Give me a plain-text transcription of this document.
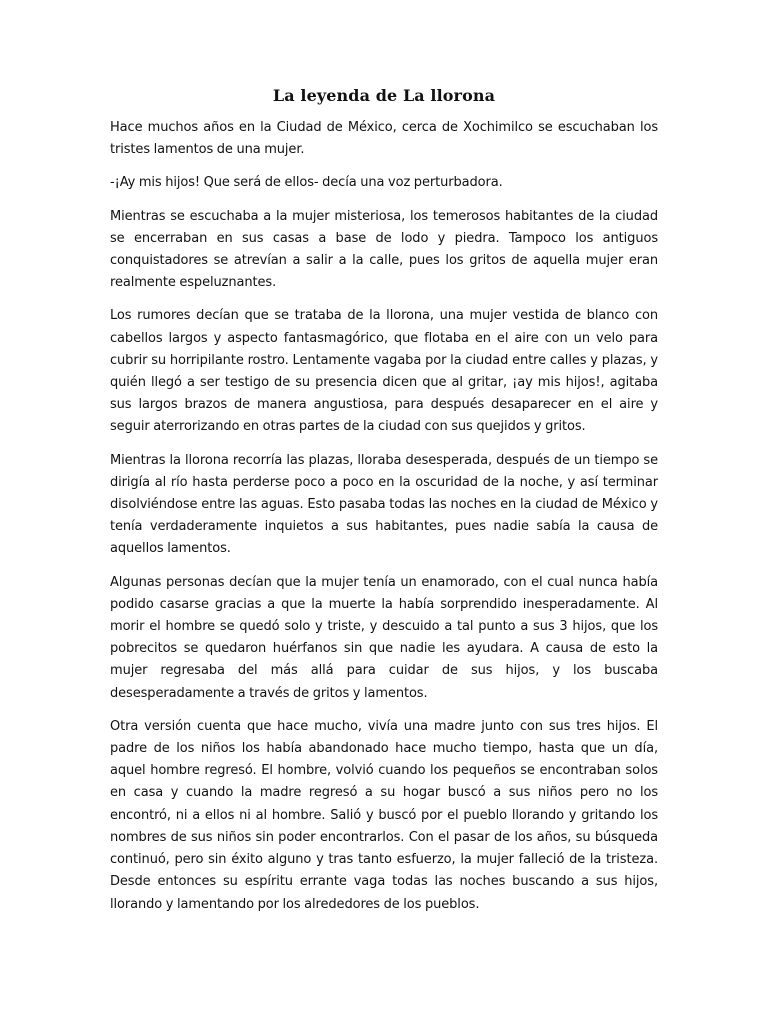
La leyenda de La llorona

Hace muchos años en la Ciudad de México, cerca de Xochimilco se escuchaban los tristes lamentos de una mujer.

-¡Ay mis hijos! Que será de ellos- decía una voz perturbadora.

Mientras se escuchaba a la mujer misteriosa, los temerosos habitantes de la ciudad se encerraban en sus casas a base de lodo y piedra. Tampoco los antiguos conquistadores se atrevían a salir a la calle, pues los gritos de aquella mujer eran realmente espeluznantes.

Los rumores decían que se trataba de la llorona, una mujer vestida de blanco con cabellos largos y aspecto fantasmagórico, que flotaba en el aire con un velo para cubrir su horripilante rostro. Lentamente vagaba por la ciudad entre calles y plazas, y quién llegó a ser testigo de su presencia dicen que al gritar, ¡ay mis hijos!, agitaba sus largos brazos de manera angustiosa, para después desaparecer en el aire y seguir aterrorizando en otras partes de la ciudad con sus quejidos y gritos.

Mientras la llorona recorría las plazas, lloraba desesperada, después de un tiempo se dirigía al río hasta perderse poco a poco en la oscuridad de la noche, y así terminar disolviéndose entre las aguas. Esto pasaba todas las noches en la ciudad de México y tenía verdaderamente inquietos a sus habitantes, pues nadie sabía la causa de aquellos lamentos.

Algunas personas decían que la mujer tenía un enamorado, con el cual nunca había podido casarse gracias a que la muerte la había sorprendido inesperadamente. Al morir el hombre se quedó solo y triste, y descuido a tal punto a sus 3 hijos, que los pobrecitos se quedaron huérfanos sin que nadie les ayudara. A causa de esto la mujer regresaba del más allá para cuidar de sus hijos, y los buscaba desesperadamente a través de gritos y lamentos.

Otra versión cuenta que hace mucho, vivía una madre junto con sus tres hijos. El padre de los niños los había abandonado hace mucho tiempo, hasta que un día, aquel hombre regresó. El hombre, volvió cuando los pequeños se encontraban solos en casa y cuando la madre regresó a su hogar buscó a sus niños pero no los encontró, ni a ellos ni al hombre. Salió y buscó por el pueblo llorando y gritando los nombres de sus niños sin poder encontrarlos. Con el pasar de los años, su búsqueda continuó, pero sin éxito alguno y tras tanto esfuerzo, la mujer falleció de la tristeza. Desde entonces su espíritu errante vaga todas las noches buscando a sus hijos, llorando y lamentando por los alrededores de los pueblos.
